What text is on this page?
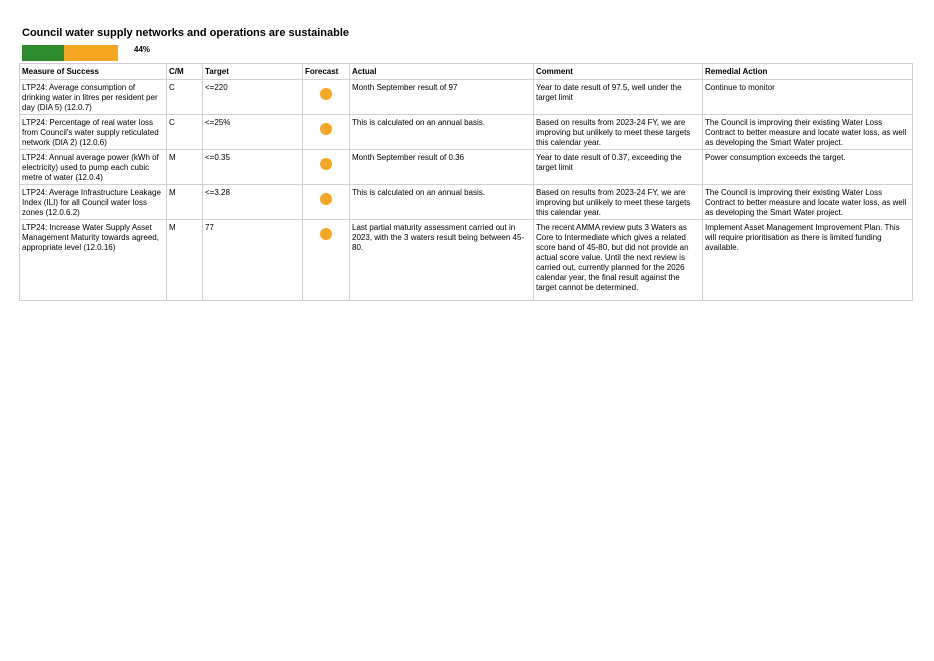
Council water supply networks and operations are sustainable
44%
Measure of Success	C/M	Target	Forecast	Actual	Comment	Remedial Action
LTP24: Average consumption of drinking water in litres per resident per day (DIA 5) (12.0.7)	C	<=220		Month September result of 97	Year to date result of 97.5, well under the target limit	Continue to monitor
LTP24: Percentage of real water loss from Council's water supply reticulated network (DIA 2) (12.0.6)	C	<=25%		This is calculated on an annual basis.	Based on results from 2023-24 FY, we are improving but unlikely to meet these targets this calendar year.	The Council is improving their existing Water Loss Contract to better measure and locate water loss, as well as developing the Smart Water project.
LTP24: Annual average power (kWh of electricity) used to pump each cubic metre of water (12.0.4)	M	<=0.35		Month September result of 0.36	Year to date result of 0.37, exceeding the target limit	Power consumption exceeds the target.
LTP24: Average Infrastructure Leakage Index (ILI) for all Council water loss zones (12.0.6.2)	M	<=3.28		This is calculated on an annual basis.	Based on results from 2023-24 FY, we are improving but unlikely to meet these targets this calendar year.	The Council is improving their existing Water Loss Contract to better measure and locate water loss, as well as developing the Smart Water project.
LTP24: Increase Water Supply Asset Management Maturity towards agreed, appropriate level (12.0.16)	M	77		Last partial maturity assessment carried out in 2023, with the 3 waters result being between 45-80.	The recent AMMA review puts 3 Waters as Core to Intermediate which gives a related score band of 45-80, but did not provide an actual score value. Until the next review is carried out, currently planned for the 2026 calendar year, the final result against the target cannot be determined.	Implement Asset Management Improvement Plan. This will require prioritisation as there is limited funding available.
